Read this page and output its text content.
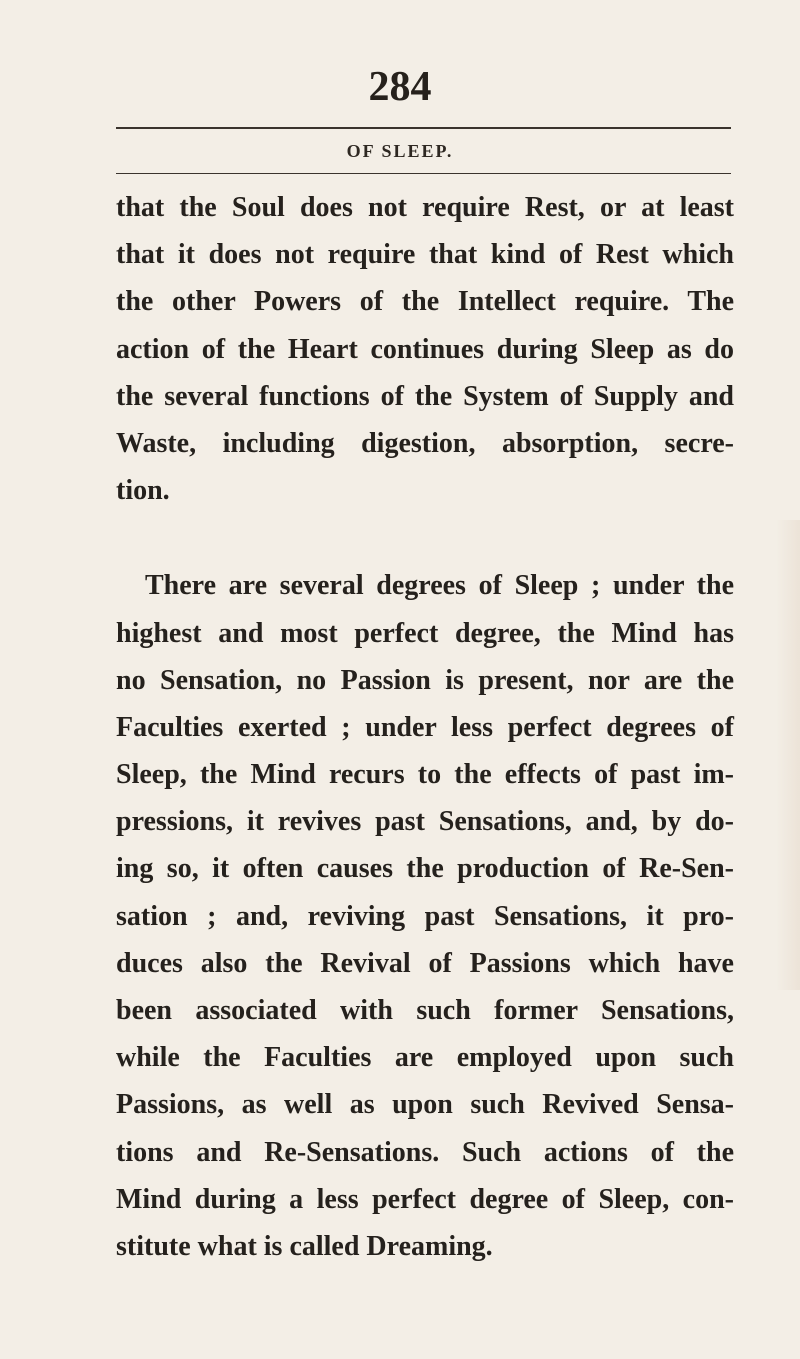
284
OF SLEEP.
that the Soul does not require Rest, or at least
that it does not require that kind of Rest which
the other Powers of the Intellect require. The
action of the Heart continues during Sleep as do
the several functions of the System of Supply and
Waste, including digestion, absorption, secre-
tion.
There are several degrees of Sleep ; under the
highest and most perfect degree, the Mind has
no Sensation, no Passion is present, nor are the
Faculties exerted ; under less perfect degrees of
Sleep, the Mind recurs to the effects of past im-
pressions, it revives past Sensations, and, by do-
ing so, it often causes the production of Re-Sen-
sation ; and, reviving past Sensations, it pro-
duces also the Revival of Passions which have
been associated with such former Sensations,
while the Faculties are employed upon such
Passions, as well as upon such Revived Sensa-
tions and Re-Sensations. Such actions of the
Mind during a less perfect degree of Sleep, con-
stitute what is called Dreaming.
